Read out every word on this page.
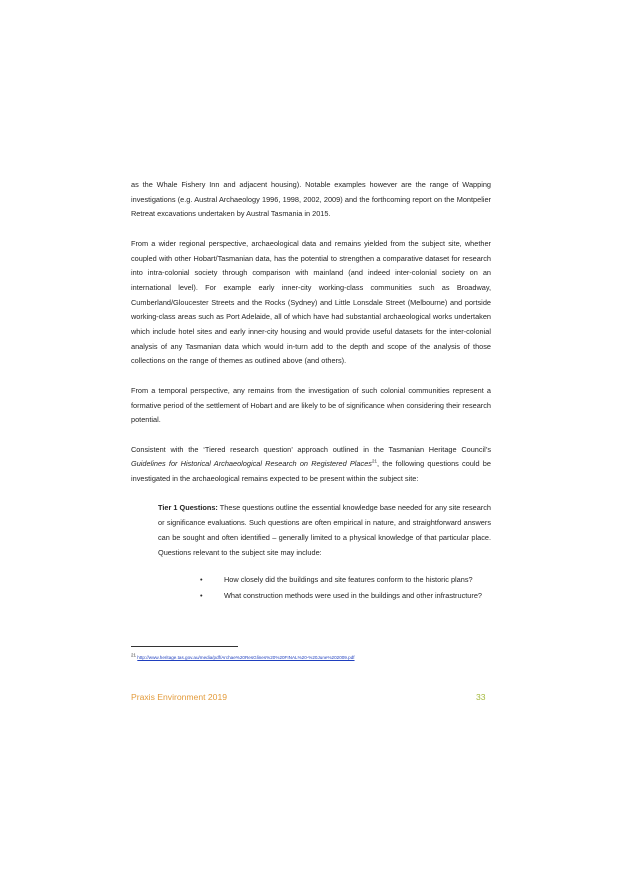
as the Whale Fishery Inn and adjacent housing). Notable examples however are the range of Wapping investigations (e.g. Austral Archaeology 1996, 1998, 2002, 2009) and the forthcoming report on the Montpelier Retreat excavations undertaken by Austral Tasmania in 2015.

From a wider regional perspective, archaeological data and remains yielded from the subject site, whether coupled with other Hobart/Tasmanian data, has the potential to strengthen a comparative dataset for research into intra-colonial society through comparison with mainland (and indeed inter-colonial society on an international level). For example early inner-city working-class communities such as Broadway, Cumberland/Gloucester Streets and the Rocks (Sydney) and Little Lonsdale Street (Melbourne) and portside working-class areas such as Port Adelaide, all of which have had substantial archaeological works undertaken which include hotel sites and early inner-city housing and would provide useful datasets for the inter-colonial analysis of any Tasmanian data which would in-turn add to the depth and scope of the analysis of those collections on the range of themes as outlined above (and others).

From a temporal perspective, any remains from the investigation of such colonial communities represent a formative period of the settlement of Hobart and are likely to be of significance when considering their research potential.

Consistent with the ‘Tiered research question’ approach outlined in the Tasmanian Heritage Council’s Guidelines for Historical Archaeological Research on Registered Places$^{21}$, the following questions could be investigated in the archaeological remains expected to be present within the subject site:

Tier 1 Questions: These questions outline the essential knowledge base needed for any site research or significance evaluations. Such questions are often empirical in nature, and straightforward answers can be sought and often identified – generally limited to a physical knowledge of that particular place. Questions relevant to the subject site may include:

•	How closely did the buildings and site features conform to the historic plans?
•	What construction methods were used in the buildings and other infrastructure?
$^{21}$ http://www.heritage.tas.gov.au/media/pdf/Archae%20ResGlines%20%20FINAL%20-%20June%202009.pdf
Praxis Environment 2019	33
